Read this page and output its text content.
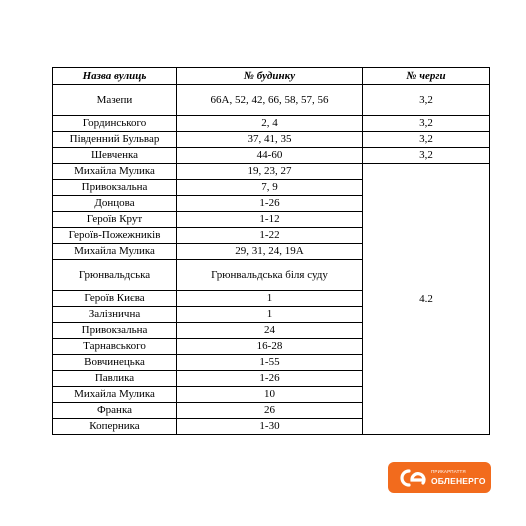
Назва вулиць	№ будинку	№ черги
Мазепи	66А, 52, 42, 66, 58, 57, 56	3,2
Гординського	2, 4	3,2
Південний Бульвар	37, 41, 35	3,2
Шевченка	44-60	3,2
Михайла Мулика	19, 23, 27	4.2
Привокзальна	7, 9	
Донцова	1-26	
Героїв Крут	1-12	
Героїв-Пожежників	1-22	
Михайла Мулика	29, 31, 24, 19А	
Грюнвальдська	Грюнвальдська біля суду	
Героїв Києва	1	
Залізнична	1	
Привокзальна	24	
Тарнавського	16-28	
Вовчинецька	1-55	
Павлика	1-26	
Михайла Мулика	10	
Франка	26	
Коперника	1-30	
ПРИКАРПАТТЯ
ОБЛЕНЕРГО
